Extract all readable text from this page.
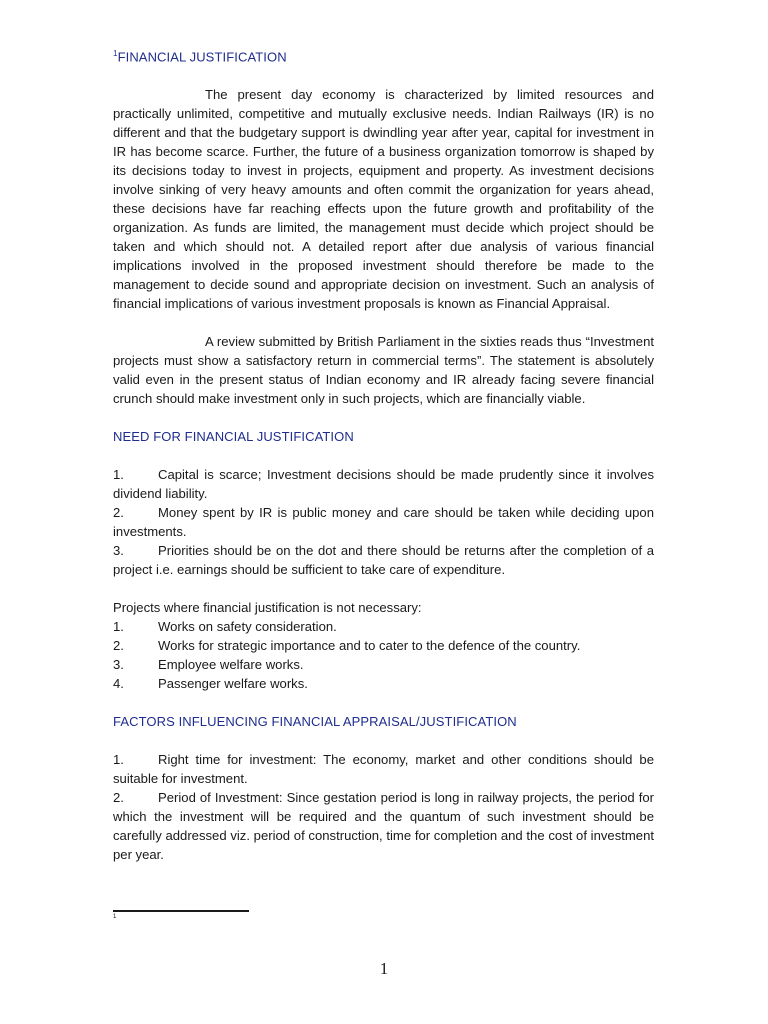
$^1$FINANCIAL JUSTIFICATION

The present day economy is characterized by limited resources and practically unlimited, competitive and mutually exclusive needs. Indian Railways (IR) is no different and that the budgetary support is dwindling year after year, capital for investment in IR has become scarce. Further, the future of a business organization tomorrow is shaped by its decisions today to invest in projects, equipment and property. As investment decisions involve sinking of very heavy amounts and often commit the organization for years ahead, these decisions have far reaching effects upon the future growth and profitability of the organization. As funds are limited, the management must decide which project should be taken and which should not. A detailed report after due analysis of various financial implications involved in the proposed investment should therefore be made to the management to decide sound and appropriate decision on investment. Such an analysis of financial implications of various investment proposals is known as Financial Appraisal.

A review submitted by British Parliament in the sixties reads thus “Investment projects must show a satisfactory return in commercial terms”. The statement is absolutely valid even in the present status of Indian economy and IR already facing severe financial crunch should make investment only in such projects, which are financially viable.

NEED FOR FINANCIAL JUSTIFICATION

1.	Capital is scarce; Investment decisions should be made prudently since it involves dividend liability.

2.	Money spent by IR is public money and care should be taken while deciding upon investments.

3.	Priorities should be on the dot and there should be returns after the completion of a project i.e. earnings should be sufficient to take care of expenditure.

Projects where financial justification is not necessary:

1.	Works on safety consideration.

2.	Works for strategic importance and to cater to the defence of the country.

3.	Employee welfare works.

4.	Passenger welfare works.

FACTORS INFLUENCING FINANCIAL APPRAISAL/JUSTIFICATION

1.	Right time for investment: The economy, market and other conditions should be suitable for investment.

2.	Period of Investment: Since gestation period is long in railway projects, the period for which the investment will be required and the quantum of such investment should be carefully addressed viz. period of construction, time for completion and the cost of investment per year.

1
1
